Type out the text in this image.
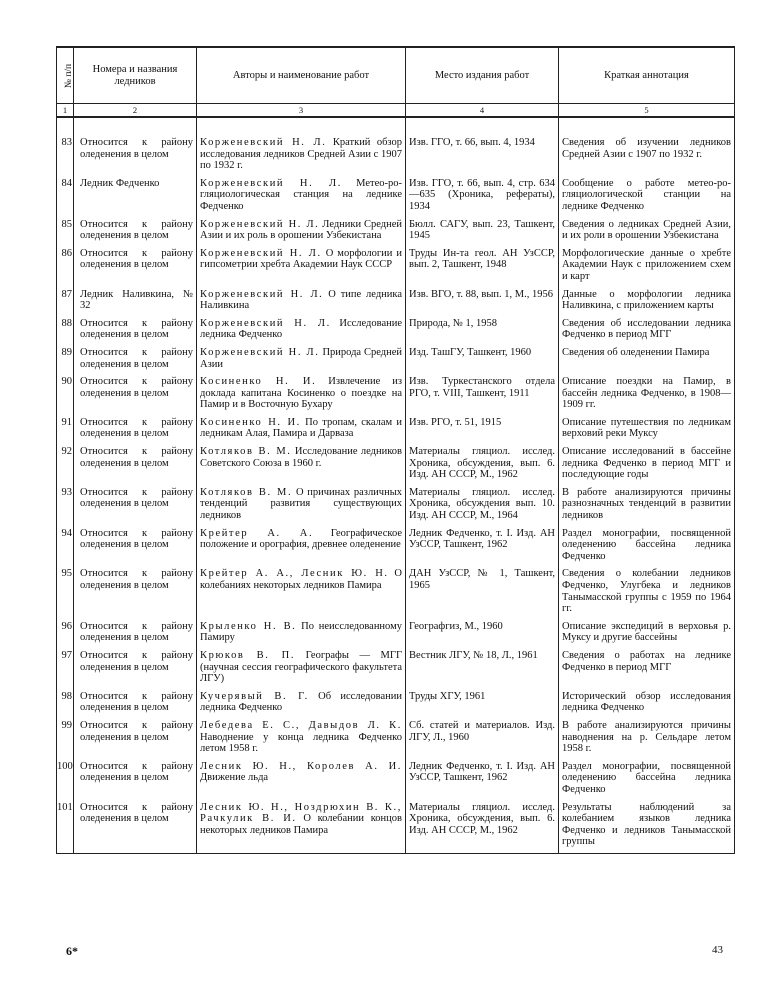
№ п/п	Номера и названия ледников	Авторы и наименование работ	Место издания работ	Краткая аннотация
1	2	3	4	5

83	Относится к району оледенения в целом	Корженевский Н. Л. Краткий обзор исследования ледников Средней Азии с 1907 по 1932 г.	Изв. ГГО, т. 66, вып. 4, 1934	Сведения об изучении ледников Средней Азии с 1907 по 1932 г.
84	Ледник Федченко	Корженевский Н. Л. Метео-ро-гляциологическая станция на леднике Федченко	Изв. ГГО, т. 66, вып. 4, стр. 634—635 (Хроника, рефераты), 1934	Сообщение о работе метео-ро-гляциологической станции на леднике Федченко
85	Относится к району оледенения в целом	Корженевский Н. Л. Ледники Средней Азии и их роль в орошении Узбекистана	Бюлл. САГУ, вып. 23, Ташкент, 1945	Сведения о ледниках Средней Азии, и их роли в орошении Узбекистана
86	Относится к району оледенения в целом	Корженевский Н. Л. О морфологии и гипсометрии хребта Академии Наук СССР	Труды Ин-та геол. АН УзССР, вып. 2, Ташкент, 1948	Морфологические данные о хребте Академии Наук с приложением схем и карт
87	Ледник Наливкина, № 32	Корженевский Н. Л. О типе ледника Наливкина	Изв. ВГО, т. 88, вып. 1, М., 1956	Данные о морфологии ледника Наливкина, с приложением карты
88	Относится к району оледенения в целом	Корженевский Н. Л. Исследование ледника Федченко	Природа, № 1, 1958	Сведения об исследовании ледника Федченко в период МГГ
89	Относится к району оледенения в целом	Корженевский Н. Л. Природа Средней Азии	Изд. ТашГУ, Ташкент, 1960	Сведения об оледенении Памира
90	Относится к району оледенения в целом	Косиненко Н. И. Извлечение из доклада капитана Косиненко о поездке на Памир и в Восточную Бухару	Изв. Туркестанского отдела РГО, т. VIII, Ташкент, 1911	Описание поездки на Памир, в бассейн ледника Федченко, в 1908—1909 гг.
91	Относится к району оледенения в целом	Косиненко Н. И. По тропам, скалам и ледникам Алая, Памира и Дарваза	Изв. РГО, т. 51, 1915	Описание путешествия по ледникам верховий реки Муксу
92	Относится к району оледенения в целом	Котляков В. М. Исследование ледников Советского Союза в 1960 г.	Материалы гляциол. исслед. Хроника, обсуждения, вып. 6. Изд. АН СССР, М., 1962	Описание исследований в бассейне ледника Федченко в период МГГ и последующие годы
93	Относится к району оледенения в целом	Котляков В. М. О причинах различных тенденций развития существующих ледников	Материалы гляциол. исслед. Хроника, обсуждения вып. 10. Изд. АН СССР, М., 1964	В работе анализируются причины разнозначных тенденций в развитии ледников
94	Относится к району оледенения в целом	Крейтер А. А. Географическое положение и орография, древнее оледенение	Ледник Федченко, т. I. Изд. АН УзССР, Ташкент, 1962	Раздел монографии, посвященной оледенению бассейна ледника Федченко
95	Относится к району оледенения в целом	Крейтер А. А., Лесник Ю. Н. О колебаниях некоторых ледников Памира	ДАН УзССР, № 1, Ташкент, 1965	Сведения о колебании ледников Федченко, Улугбека и ледников Танымасской группы с 1959 по 1964 гг.
96	Относится к району оледенения в целом	Крыленко Н. В. По неисследованному Памиру	Географгиз, М., 1960	Описание экспедиций в верховья р. Муксу и другие бассейны
97	Относится к району оледенения в целом	Крюков В. П. Географы — МГГ (научная сессия географического факультета ЛГУ)	Вестник ЛГУ, № 18, Л., 1961	Сведения о работах на леднике Федченко в период МГГ
98	Относится к району оледенения в целом	Кучерявый В. Г. Об исследовании ледника Федченко	Труды ХГУ, 1961	Исторический обзор исследования ледника Федченко
99	Относится к району оледенения в целом	Лебедева Е. С., Давыдов Л. К. Наводнение у конца ледника Федченко летом 1958 г.	Сб. статей и материалов. Изд. ЛГУ, Л., 1960	В работе анализируются причины наводнения на р. Сельдаре летом 1958 г.
100	Относится к району оледенения в целом	Лесник Ю. Н., Королев А. И. Движение льда	Ледник Федченко, т. I. Изд. АН УзССР, Ташкент, 1962	Раздел монографии, посвященной оледенению бассейна ледника Федченко
101	Относится к району оледенения в целом	Лесник Ю. Н., Ноздрюхин В. К., Рачкулик В. И. О колебании концов некоторых ледников Памира	Материалы гляциол. исслед. Хроника, обсуждения, вып. 6. Изд. АН СССР, М., 1962	Результаты наблюдений за колебанием языков ледника Федченко и ледников Танымасской группы
6*	43
